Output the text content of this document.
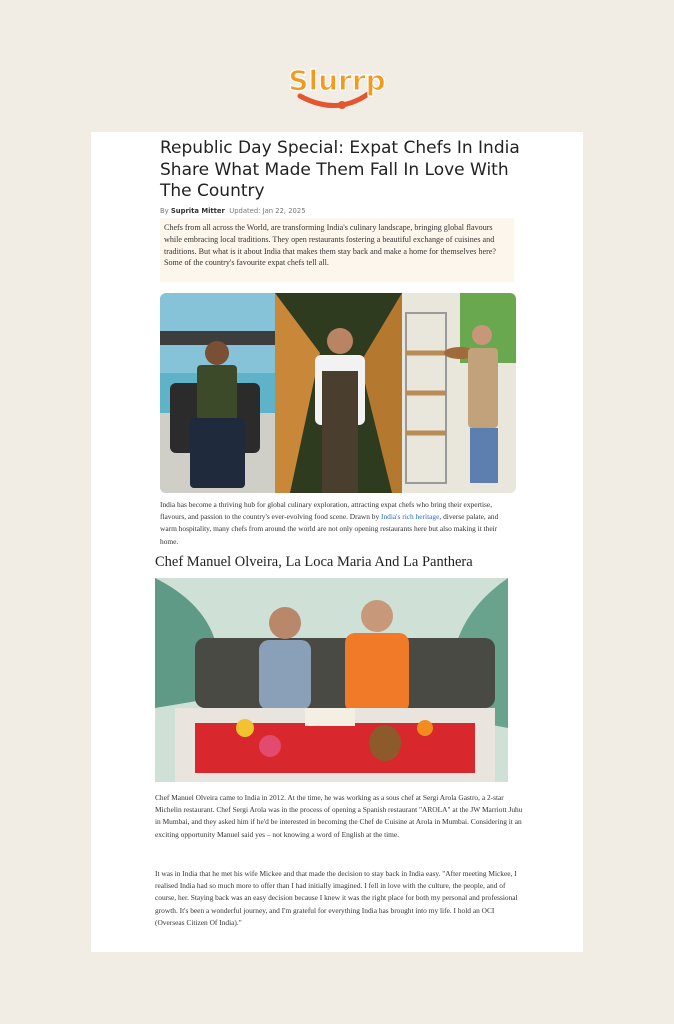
Slurrp
Republic Day Special: Expat Chefs In India Share What Made Them Fall In Love With The Country
By Suprita Mitter Updated: Jan 22, 2025
Chefs from all across the World, are transforming India's culinary landscape, bringing global flavours while embracing local traditions. They open restaurants fostering a beautiful exchange of cuisines and traditions. But what is it about India that makes them stay back and make a home for themselves here? Some of the country's favourite expat chefs tell all.

India has become a thriving hub for global culinary exploration, attracting expat chefs who bring their expertise, flavours, and passion to the country's ever-evolving food scene. Drawn by India's rich heritage, diverse palate, and warm hospitality, many chefs from around the world are not only opening restaurants here but also making it their home.

Chef Manuel Olveira, La Loca Maria And La Panthera

Chef Manuel Olveira came to India in 2012. At the time, he was working as a sous chef at Sergi Arola Gastro, a 2-star Michelin restaurant. Chef Sergi Arola was in the process of opening a Spanish restaurant "AROLA" at the JW Marriott Juhu in Mumbai, and they asked him if he'd be interested in becoming the Chef de Cuisine at Arola in Mumbai. Considering it an exciting opportunity Manuel said yes – not knowing a word of English at the time.

It was in India that he met his wife Mickee and that made the decision to stay back in India easy. "After meeting Mickee, I realised India had so much more to offer than I had initially imagined. I fell in love with the culture, the people, and of course, her. Staying back was an easy decision because I knew it was the right place for both my personal and professional growth. It's been a wonderful journey, and I'm grateful for everything India has brought into my life. I hold an OCI (Overseas Citizen Of India)."
